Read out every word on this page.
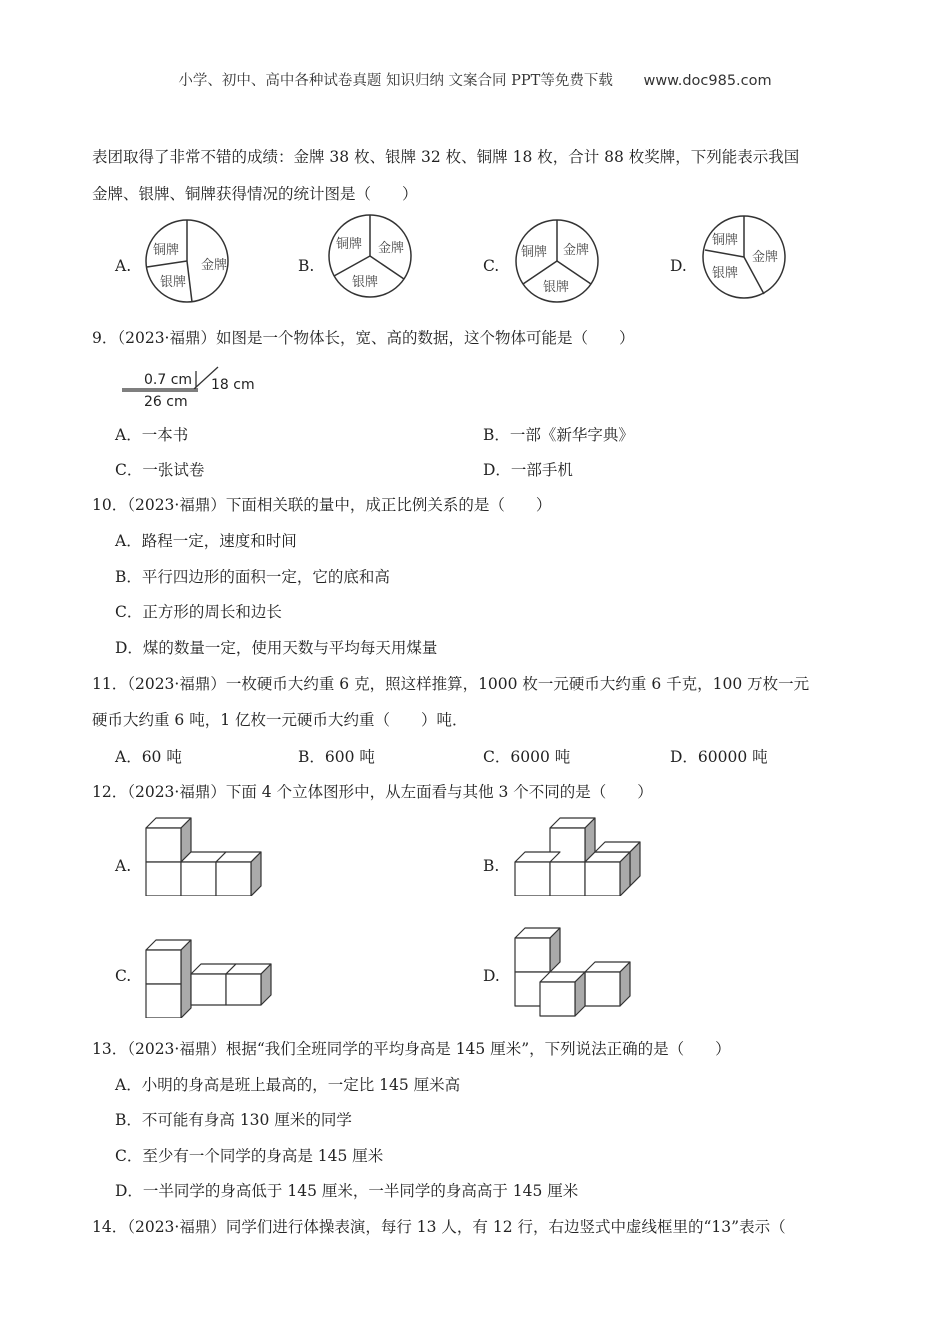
小学、初中、高中各种试卷真题 知识归纳 文案合同 PPT等免费下载 www.doc985.com
表团取得了非常不错的成绩：金牌 38 枚、银牌 32 枚、铜牌 18 枚，合计 88 枚奖牌，下列能表示我国
金牌、银牌、铜牌获得情况的统计图是（　　）
A.	金牌
铜牌
银牌
B.
金牌
铜牌
银牌
C.
金牌
铜牌
银牌
D.	金牌
铜牌
银牌
9．（2023·福鼎）如图是一个物体长，宽、高的数据，这个物体可能是（　　）
0.7 cm 18 cm
26 cm
A．一本书	B．一部《新华字典》
C．一张试卷	D．一部手机
10．（2023·福鼎）下面相关联的量中，成正比例关系的是（　　）
A．路程一定，速度和时间
B．平行四边形的面积一定，它的底和高
C．正方形的周长和边长
D．煤的数量一定，使用天数与平均每天用煤量
11．（2023·福鼎）一枚硬币大约重 6 克，照这样推算，1000 枚一元硬币大约重 6 千克，100 万枚一元
硬币大约重 6 吨，1 亿枚一元硬币大约重（　　）吨．
A．60 吨	B．600 吨	C．6000 吨	D．60000 吨
12．（2023·福鼎）下面 4 个立体图形中，从左面看与其他 3 个不同的是（　　）
A.	B.
C.	D.
13．（2023·福鼎）根据“我们全班同学的平均身高是 145 厘米”，下列说法正确的是（　　）
A．小明的身高是班上最高的，一定比 145 厘米高
B．不可能有身高 130 厘米的同学
C．至少有一个同学的身高是 145 厘米
D．一半同学的身高低于 145 厘米，一半同学的身高高于 145 厘米
14．（2023·福鼎）同学们进行体操表演，每行 13 人，有 12 行，右边竖式中虚线框里的“13”表示（
